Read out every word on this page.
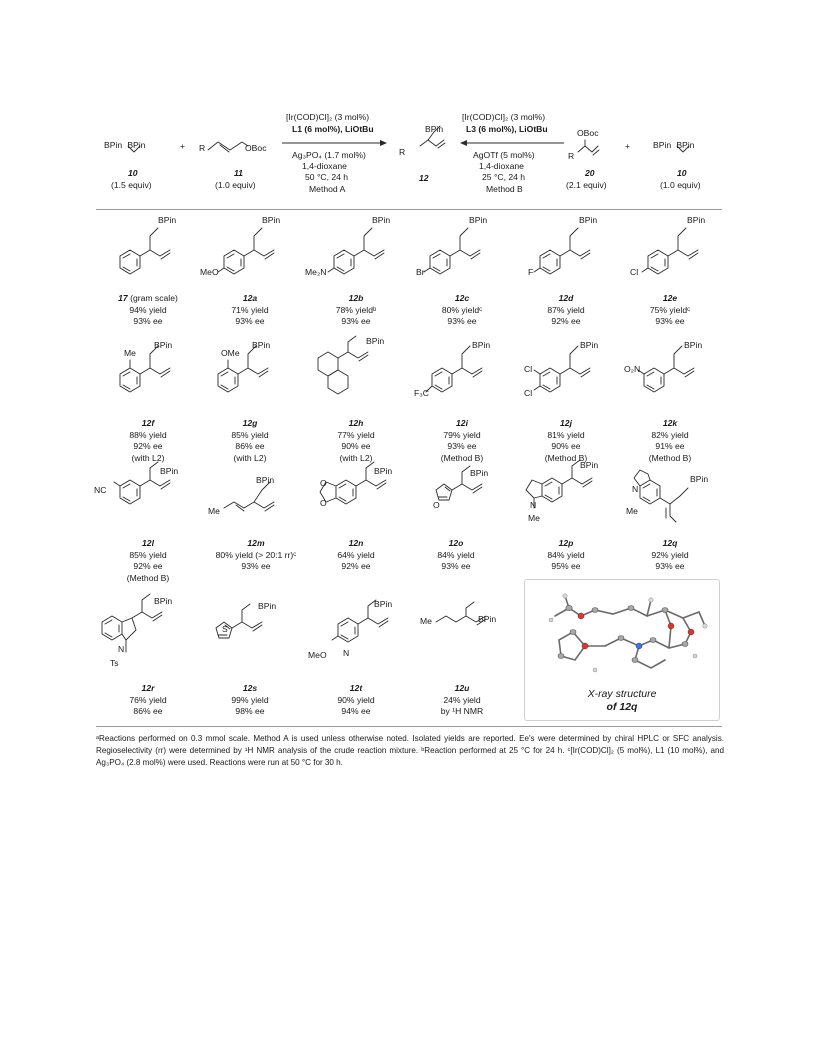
BPin   BPin
10
(1.5 equiv)
+ R	OBoc
11
(1.0 equiv)
[Ir(COD)Cl]₂ (3 mol%)
L1 (6 mol%), LiOtBu
Ag₃PO₄ (1.7 mol%)
1,4-dioxane
50 °C, 24 h
Method A
BPin
R
12
[Ir(COD)Cl]₂ (3 mol%)
L3 (6 mol%), LiOtBu
AgOTf (5 mol%)
1,4-dioxane
25 °C, 24 h
Method B
OBoc
R
20
(2.1 equiv)
+	BPin   BPin
10
(1.0 equiv)
BPin	BPin
MeO
BPin
Me₂N
BPin
Br
BPin
F
BPin
Cl
Me
BPin
OMe
BPin	BPin	BPin
F₃C
BPin
Cl
Cl
BPin
O₂N
BPin
NC
BPin
Me
BPin
O
O
BPin
O
BPin
N
Me
BPin
N
Me
BPin
N
Ts
BPin
S
BPin
MeO N
BPin
Me
17 (gram scale)
94% yield
93% ee
12a
71% yield
93% ee
12b
78% yieldᵇ
93% ee
12c
80% yieldᶜ
93% ee
12d
87% yield
92% ee
12e
75% yieldᶜ
93% ee
12f
88% yield
92% ee
(with L2)
12g
85% yield
86% ee
(with L2)
12h
77% yield
90% ee
(with L2)
12i
79% yield
93% ee
(Method B)
12j
81% yield
90% ee
(Method B)
12k
82% yield
91% ee
(Method B)
12l
85% yield
92% ee
(Method B)
12m
80% yield (> 20:1 rr)ᶜ
93% ee
12n
64% yield
92% ee
12o
84% yield
93% ee
12p
84% yield
95% ee
12q
92% yield
93% ee
12r
76% yield
86% ee
12s
99% yield
98% ee
12t
90% yield
94% ee
12u
24% yield
by ¹H NMR
X-ray structure
of 12q
ᵃReactions performed on 0.3 mmol scale. Method A is used unless otherwise noted. Isolated yields are reported. Ee's were determined by chiral HPLC or SFC analysis. Regioselectivity (rr) were determined by ¹H NMR analysis of the crude reaction mixture. ᵇReaction performed at 25 °C for 24 h. ᶜ[Ir(COD)Cl]₂ (5 mol%), L1 (10 mol%), and Ag₃PO₄ (2.8 mol%) were used. Reactions were run at 50 °C for 30 h.
